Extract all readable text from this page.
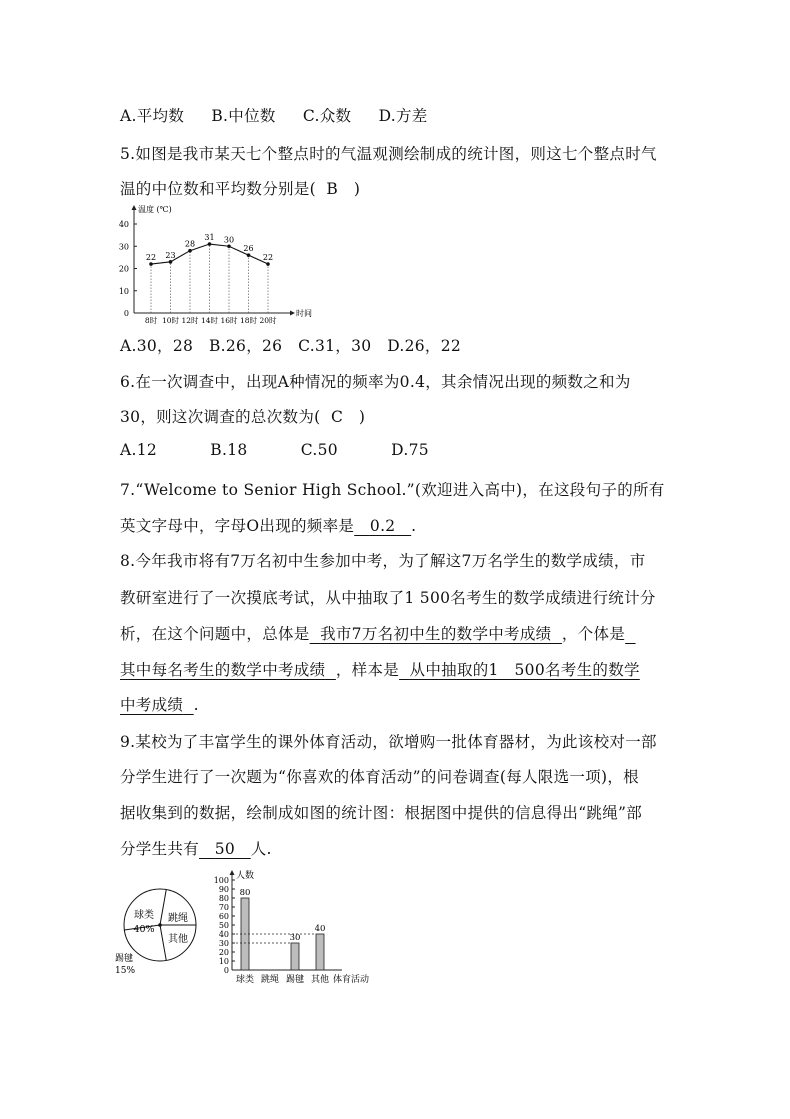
A.平均数 B.中位数 C.众数 D.方差
5.如图是我市某天七个整点时的气温观测绘制成的统计图，则这七个整点时气
温的中位数和平均数分别是( B )
温度 (℃)
时间
0
10
20
30
40
8时 10时 12时 14时 16时 18时 20时
22 23
28
31 30
26
22
A.30，28　B.26，26　C.31，30　D.26，22
6.在一次调查中，出现A种情况的频率为0.4，其余情况出现的频数之和为
30，则这次调查的总次数为( C )
A.12	B.18	C.50	D.75
7.“Welcome to Senior High School.”(欢迎进入高中)，在这段句子的所有
英文字母中，字母O出现的频率是 0.2 .
8.今年我市将有7万名初中生参加中考，为了解这7万名学生的数学成绩，市
教研室进行了一次摸底考试，从中抽取了1 500名考生的数学成绩进行统计分
析，在这个问题中，总体是 我市7万名初中生的数学中考成绩 ，个体是
其中每名考生的数学中考成绩 ，样本是 从中抽取的1　500名考生的数学
中考成绩 .
9.某校为了丰富学生的课外体育活动，欲增购一批体育器材，为此该校对一部
分学生进行了一次题为“你喜欢的体育活动”的问卷调查(每人限选一项)，根
据收集到的数据，绘制成如图的统计图：根据图中提供的信息得出“跳绳”部
分学生共有 50 人.
球类
40%
跳绳
其他
踢毽
15%
人数
0
10
20
30
40
50
60
70
80
90
100
80
30
40
球类 跳绳 踢毽 其他 体育活动
